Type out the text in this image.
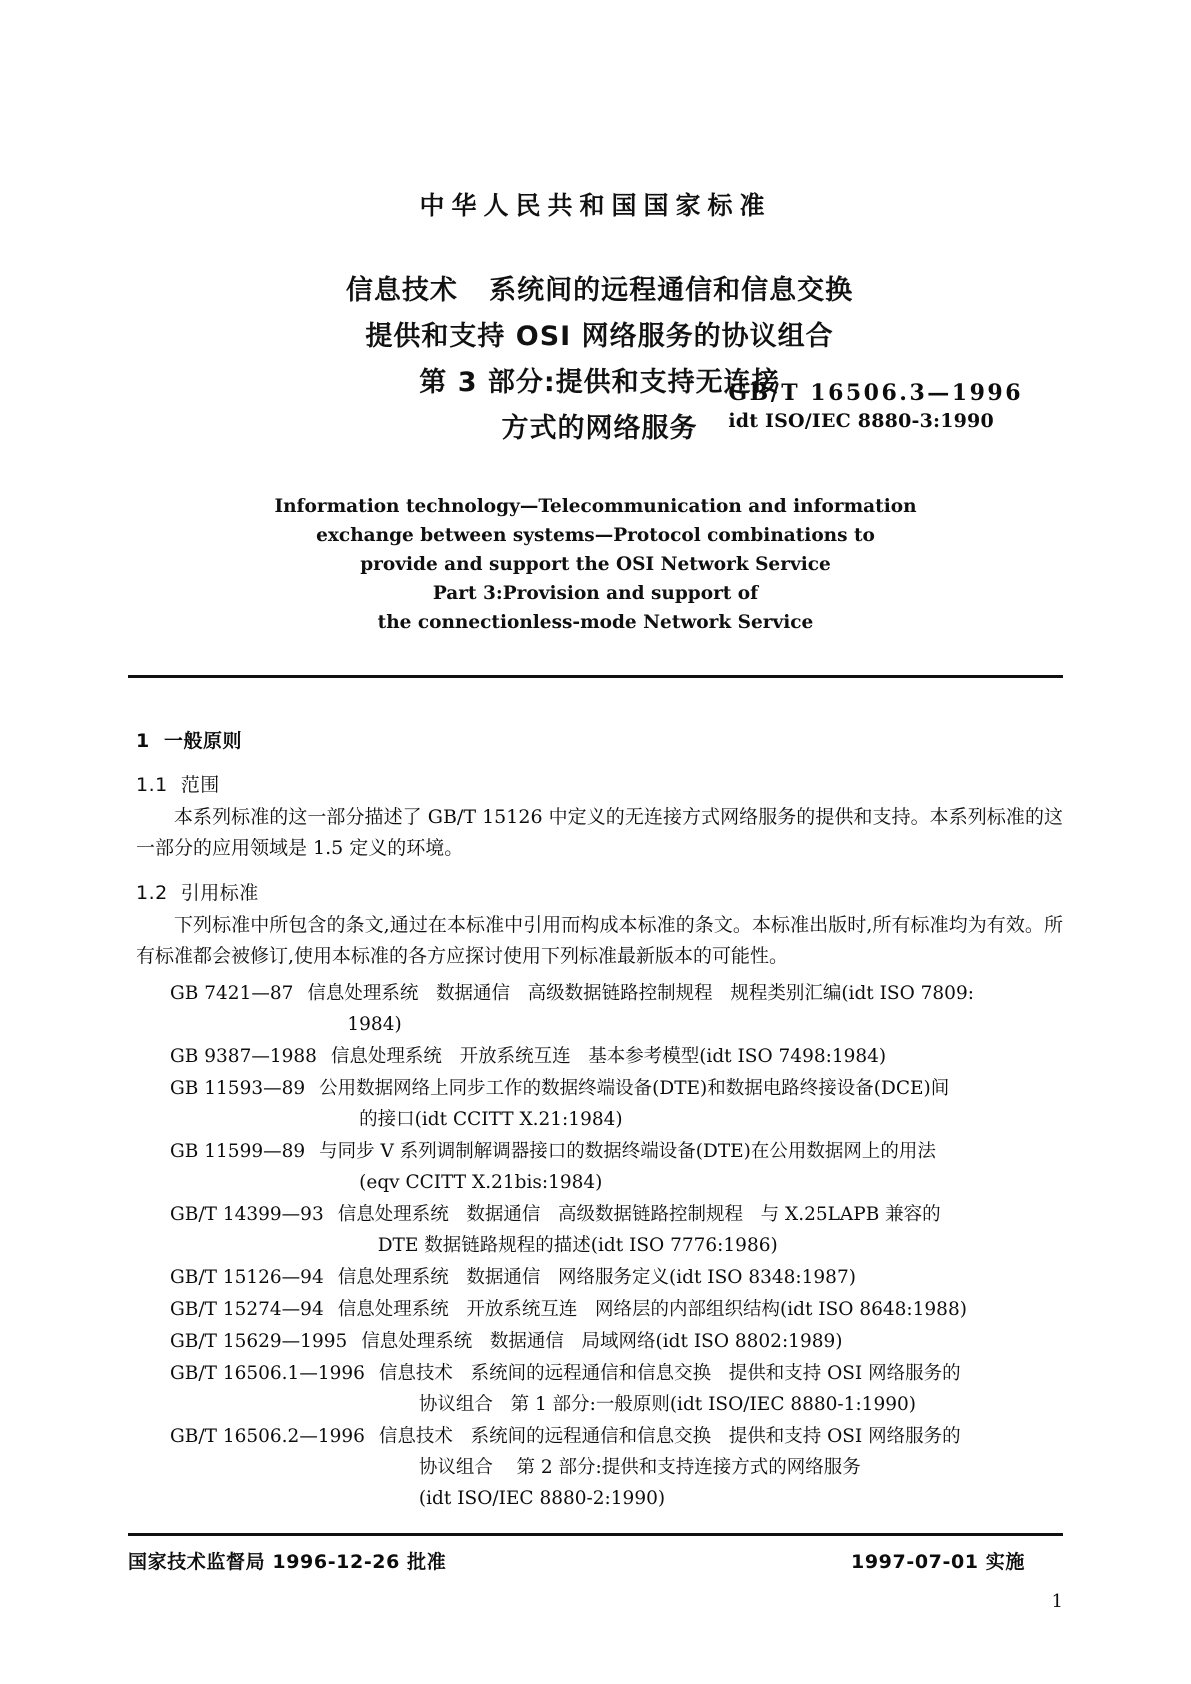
中华人民共和国国家标准
信息技术   系统间的远程通信和信息交换
提供和支持 OSI 网络服务的协议组合
第 3 部分:提供和支持无连接
方式的网络服务
GB/T 16506.3—1996
idt ISO/IEC 8880-3:1990
Information technology—Telecommunication and information
exchange between systems—Protocol combinations to
provide and support the OSI Network Service
Part 3:Provision and support of
the connectionless-mode Network Service
1  一般原则
1.1  范围

本系列标准的这一部分描述了 GB/T 15126 中定义的无连接方式网络服务的提供和支持。本系列标准的这一部分的应用领域是 1.5 定义的环境。

1.2  引用标准

下列标准中所包含的条文,通过在本标准中引用而构成本标准的条文。本标准出版时,所有标准均为有效。所有标准都会被修订,使用本标准的各方应探讨使用下列标准最新版本的可能性。

GB 7421—87 信息处理系统   数据通信   高级数据链路控制规程   规程类别汇编(idt ISO 7809:
1984)
GB 9387—1988 信息处理系统   开放系统互连   基本参考模型(idt ISO 7498:1984)
GB 11593—89 公用数据网络上同步工作的数据终端设备(DTE)和数据电路终接设备(DCE)间
的接口(idt CCITT X.21:1984)
GB 11599—89 与同步 V 系列调制解调器接口的数据终端设备(DTE)在公用数据网上的用法
(eqv CCITT X.21bis:1984)
GB/T 14399—93 信息处理系统   数据通信   高级数据链路控制规程   与 X.25LAPB 兼容的
DTE 数据链路规程的描述(idt ISO 7776:1986)
GB/T 15126—94 信息处理系统   数据通信   网络服务定义(idt ISO 8348:1987)
GB/T 15274—94 信息处理系统   开放系统互连   网络层的内部组织结构(idt ISO 8648:1988)
GB/T 15629—1995 信息处理系统   数据通信   局域网络(idt ISO 8802:1989)
GB/T 16506.1—1996 信息技术   系统间的远程通信和信息交换   提供和支持 OSI 网络服务的
协议组合   第 1 部分:一般原则(idt ISO/IEC 8880-1:1990)
GB/T 16506.2—1996 信息技术   系统间的远程通信和信息交换   提供和支持 OSI 网络服务的
协议组合    第 2 部分:提供和支持连接方式的网络服务
(idt ISO/IEC 8880-2:1990)
国家技术监督局 1996-12-26 批准	1997-07-01 实施
1
